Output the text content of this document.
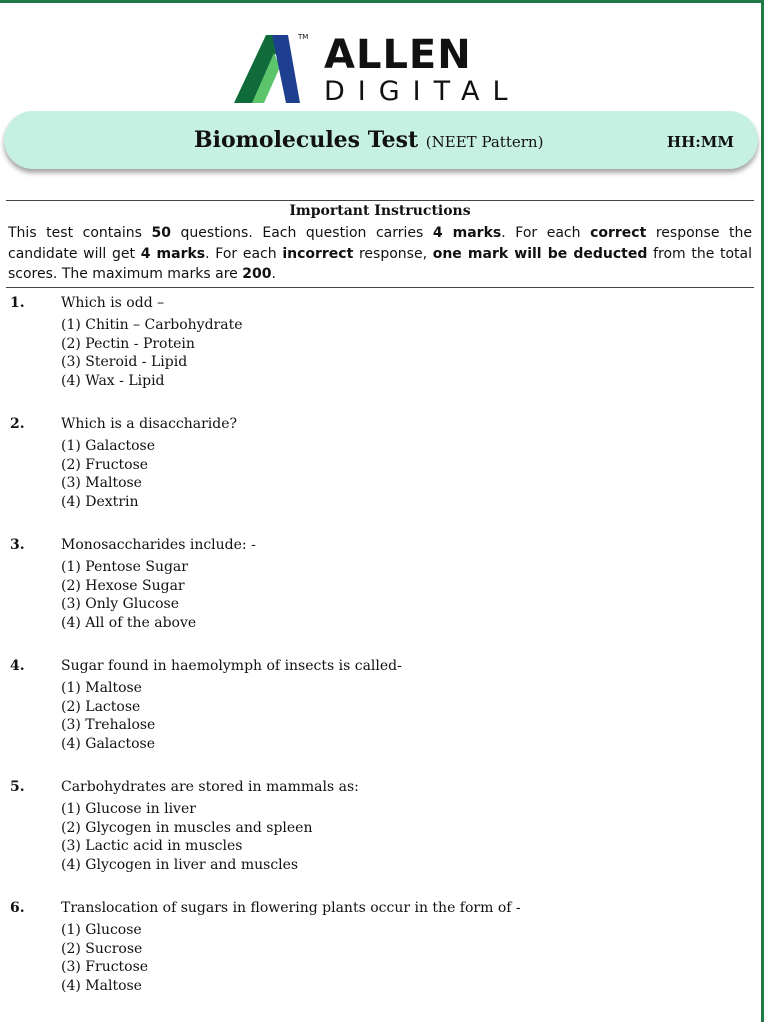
TM ALLEN
DIGITAL
Biomolecules Test (NEET Pattern)	HH:MM
Important Instructions
This test contains 50 questions. Each question carries 4 marks. For each correct response the candidate will get 4 marks. For each incorrect response, one mark will be deducted from the total scores. The maximum marks are 200.
1.	Which is odd –
(1) Chitin – Carbohydrate
(2) Pectin - Protein
(3) Steroid - Lipid
(4) Wax - Lipid
2.	Which is a disaccharide?
(1) Galactose
(2) Fructose
(3) Maltose
(4) Dextrin
3.	Monosaccharides include: -
(1) Pentose Sugar
(2) Hexose Sugar
(3) Only Glucose
(4) All of the above
4.	Sugar found in haemolymph of insects is called-
(1) Maltose
(2) Lactose
(3) Trehalose
(4) Galactose
5.	Carbohydrates are stored in mammals as:
(1) Glucose in liver
(2) Glycogen in muscles and spleen
(3) Lactic acid in muscles
(4) Glycogen in liver and muscles
6.	Translocation of sugars in flowering plants occur in the form of -
(1) Glucose
(2) Sucrose
(3) Fructose
(4) Maltose
